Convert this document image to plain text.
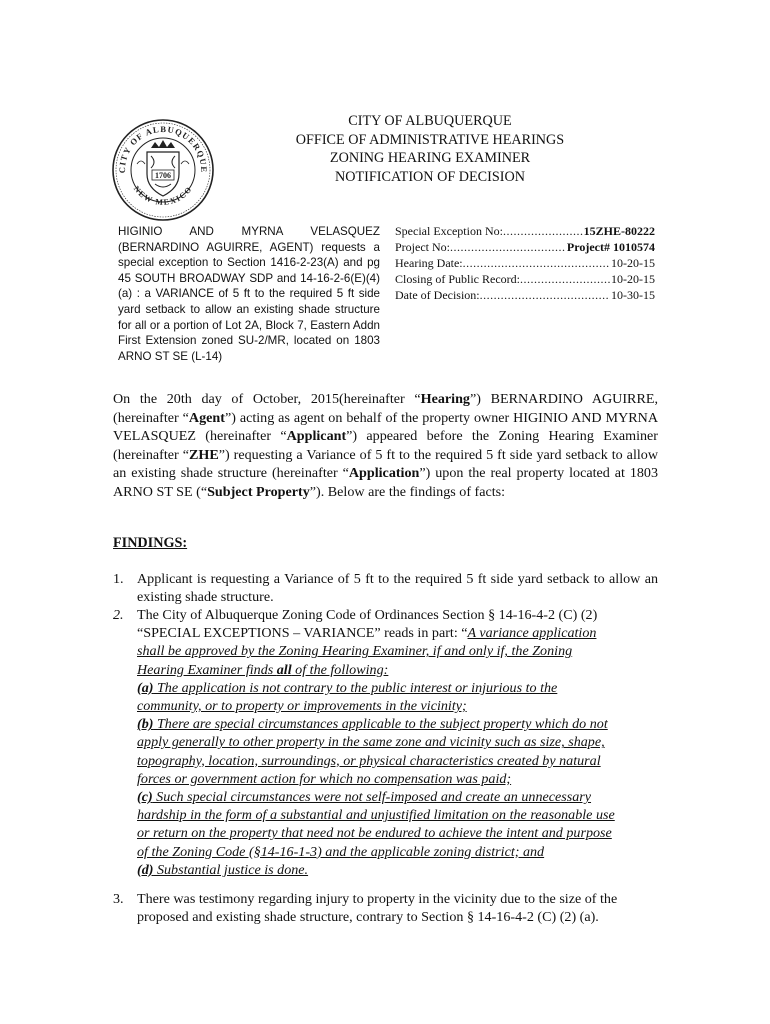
CITY OF ALBUQUERQUE
NEW MEXICO
1706
CITY OF ALBUQUERQUE
OFFICE OF ADMINISTRATIVE HEARINGS
ZONING HEARING EXAMINER
NOTIFICATION OF DECISION
HIGINIO AND MYRNA VELASQUEZ (BERNARDINO AGUIRRE, AGENT) requests a special exception to Section 1416-2-23(A) and pg 45 SOUTH BROADWAY SDP and 14-16-2-6(E)(4)(a) : a VARIANCE of 5 ft to the required 5 ft side yard setback to allow an existing shade structure for all or a portion of Lot 2A, Block 7, Eastern Addn First Extension zoned SU-2/MR, located on 1803 ARNO ST SE (L-14)
Special Exception No: .....	15ZHE-80222
Project No: .....	Project# 1010574
Hearing Date: .....	10-20-15
Closing of Public Record: .....	10-20-15
Date of Decision: .....	10-30-15
On the 20th day of October, 2015(hereinafter “Hearing”) BERNARDINO AGUIRRE, (hereinafter “Agent”) acting as agent on behalf of the property owner HIGINIO AND MYRNA VELASQUEZ (hereinafter “Applicant”) appeared before the Zoning Hearing Examiner (hereinafter “ZHE”) requesting a Variance of 5 ft to the required 5 ft side yard setback to allow an existing shade structure (hereinafter “Application”) upon the real property located at 1803 ARNO ST SE (“Subject Property”). Below are the findings of facts:
FINDINGS:
1. Applicant is requesting a Variance of 5 ft to the required 5 ft side yard setback to allow an existing shade structure.
2. The City of Albuquerque Zoning Code of Ordinances Section § 14-16-4-2 (C) (2)
“SPECIAL EXCEPTIONS – VARIANCE” reads in part: “A variance application
shall be approved by the Zoning Hearing Examiner, if and only if, the Zoning
Hearing Examiner finds all of the following:
(a) The application is not contrary to the public interest or injurious to the
community, or to property or improvements in the vicinity;
(b) There are special circumstances applicable to the subject property which do not
apply generally to other property in the same zone and vicinity such as size, shape,
topography, location, surroundings, or physical characteristics created by natural
forces or government action for which no compensation was paid;
(c) Such special circumstances were not self-imposed and create an unnecessary
hardship in the form of a substantial and unjustified limitation on the reasonable use
or return on the property that need not be endured to achieve the intent and purpose
of the Zoning Code (§14-16-1-3) and the applicable zoning district; and
(d) Substantial justice is done.
3. There was testimony regarding injury to property in the vicinity due to the size of the proposed and existing shade structure, contrary to Section § 14-16-4-2 (C) (2) (a).
